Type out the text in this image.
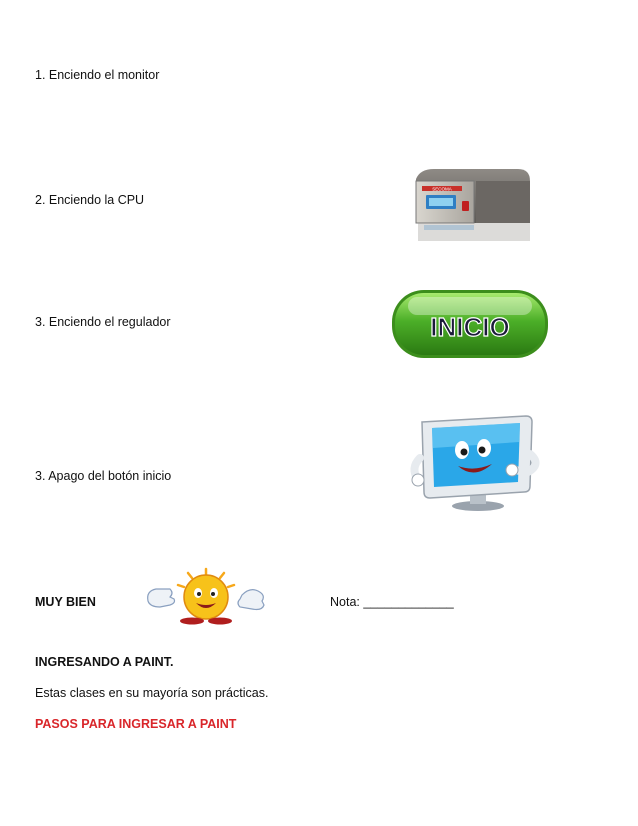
1. Enciendo el monitor
2. Enciendo la CPU
3. Enciendo el regulador
3. Apago del botón inicio
SECOMA
INICIO
MUY BIEN	Nota: _____________
INGRESANDO A PAINT.
Estas clases en su mayoría son prácticas.
PASOS PARA INGRESAR A PAINT
